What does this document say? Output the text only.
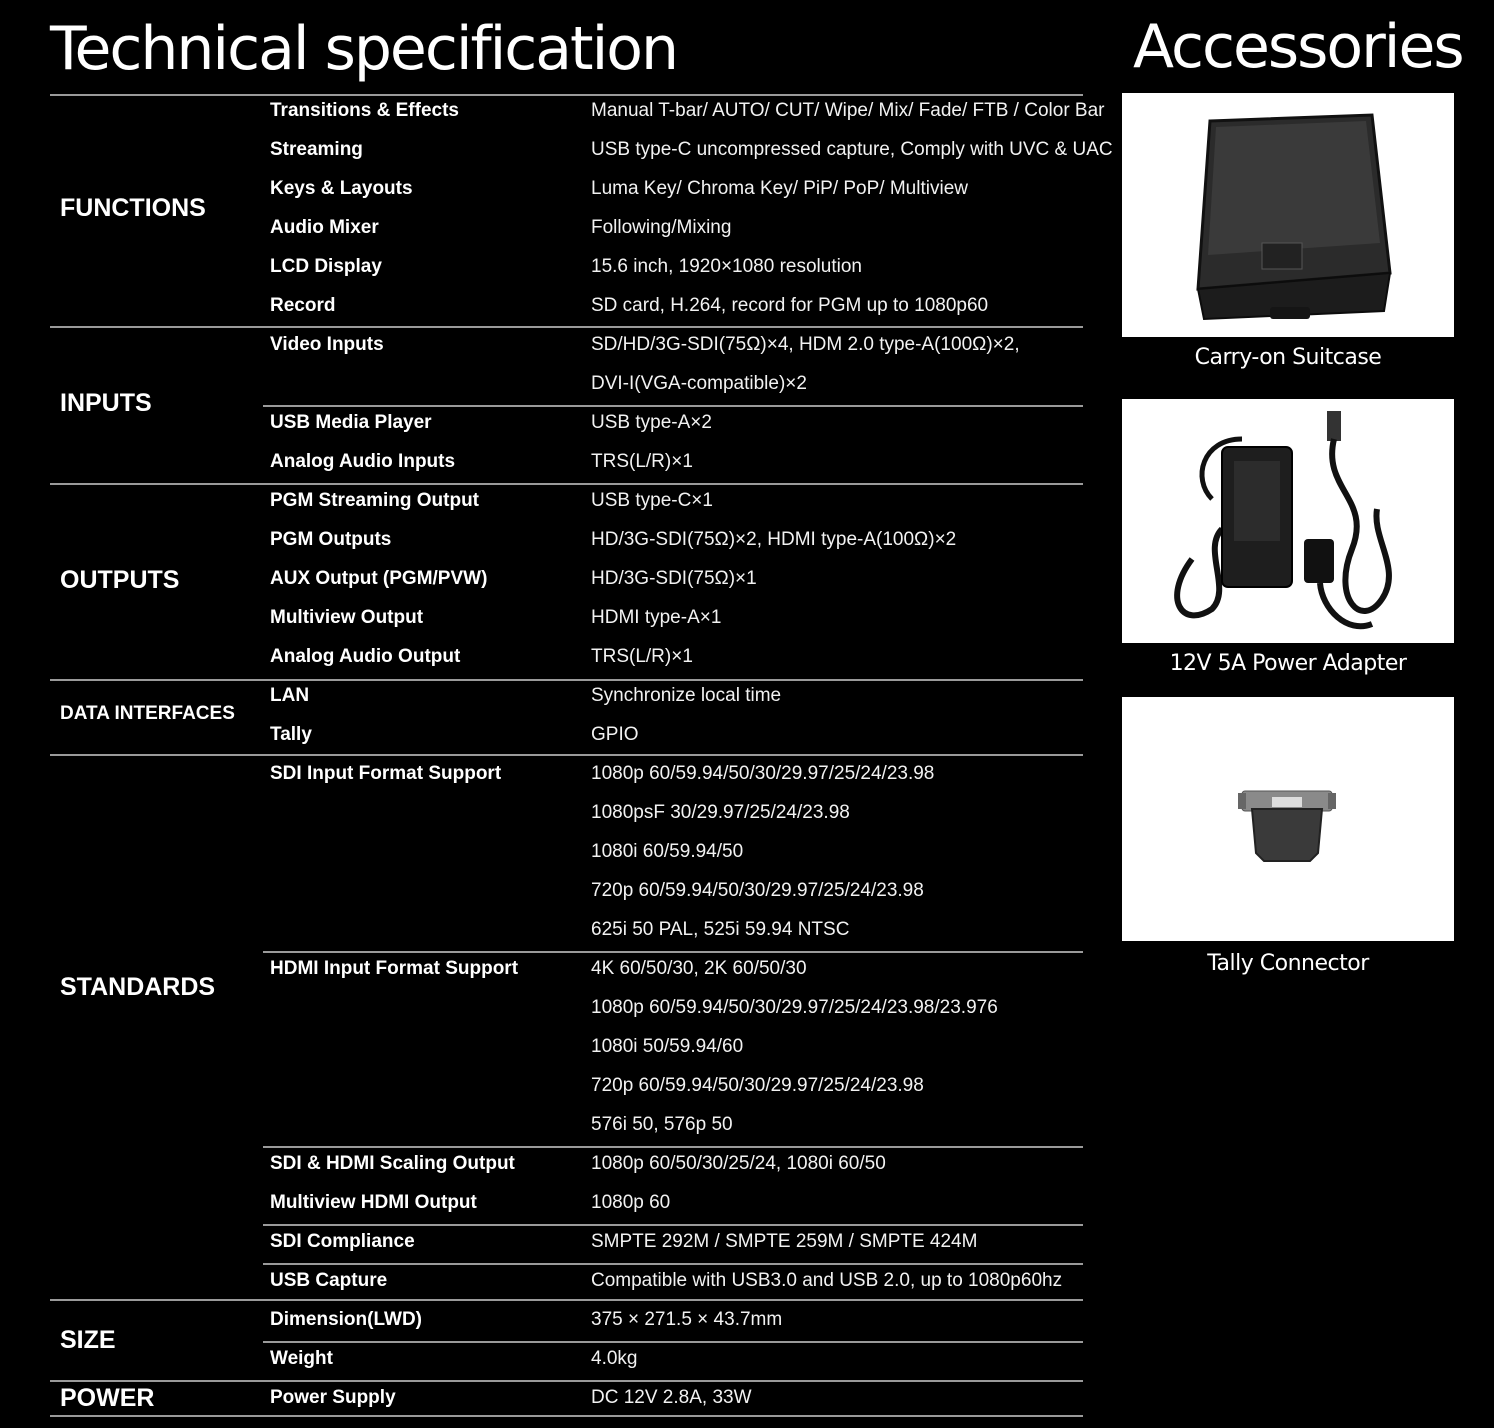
Technical specification	Accessories
FUNCTIONS
Transitions & Effects	Manual T-bar/ AUTO/ CUT/ Wipe/ Mix/ Fade/ FTB / Color Bar
Streaming	USB type-C uncompressed capture, Comply with UVC & UAC
Keys & Layouts	Luma Key/ Chroma Key/ PiP/ PoP/ Multiview
Audio Mixer	Following/Mixing
LCD Display	15.6 inch, 1920×1080 resolution
Record	SD card, H.264, record for PGM up to 1080p60
INPUTS
Video Inputs	SD/HD/3G-SDI(75Ω)×4, HDM 2.0 type-A(100Ω)×2,
DVI-I(VGA-compatible)×2
USB Media Player	USB type-A×2
Analog Audio Inputs	TRS(L/R)×1
OUTPUTS
PGM Streaming Output	USB type-C×1
PGM Outputs	HD/3G-SDI(75Ω)×2, HDMI type-A(100Ω)×2
AUX Output (PGM/PVW)	HD/3G-SDI(75Ω)×1
Multiview Output	HDMI type-A×1
Analog Audio Output	TRS(L/R)×1
DATA INTERFACES
LAN	Synchronize local time
Tally	GPIO
STANDARDS
SDI Input Format Support	1080p 60/59.94/50/30/29.97/25/24/23.98
1080psF 30/29.97/25/24/23.98
1080i 60/59.94/50
720p 60/59.94/50/30/29.97/25/24/23.98
625i 50 PAL, 525i 59.94 NTSC
HDMI Input Format Support	4K 60/50/30, 2K 60/50/30
1080p 60/59.94/50/30/29.97/25/24/23.98/23.976
1080i 50/59.94/60
720p 60/59.94/50/30/29.97/25/24/23.98
576i 50, 576p 50
SDI & HDMI Scaling Output	1080p 60/50/30/25/24, 1080i 60/50
Multiview HDMI Output	1080p 60
SDI Compliance	SMPTE 292M / SMPTE 259M / SMPTE 424M
USB Capture	Compatible with USB3.0 and USB 2.0, up to 1080p60hz
SIZE
Dimension(LWD)	375 × 271.5 × 43.7mm
Weight	4.0kg
POWER	Power Supply	DC 12V 2.8A, 33W
Carry-on Suitcase
12V 5A Power Adapter
Tally Connector
